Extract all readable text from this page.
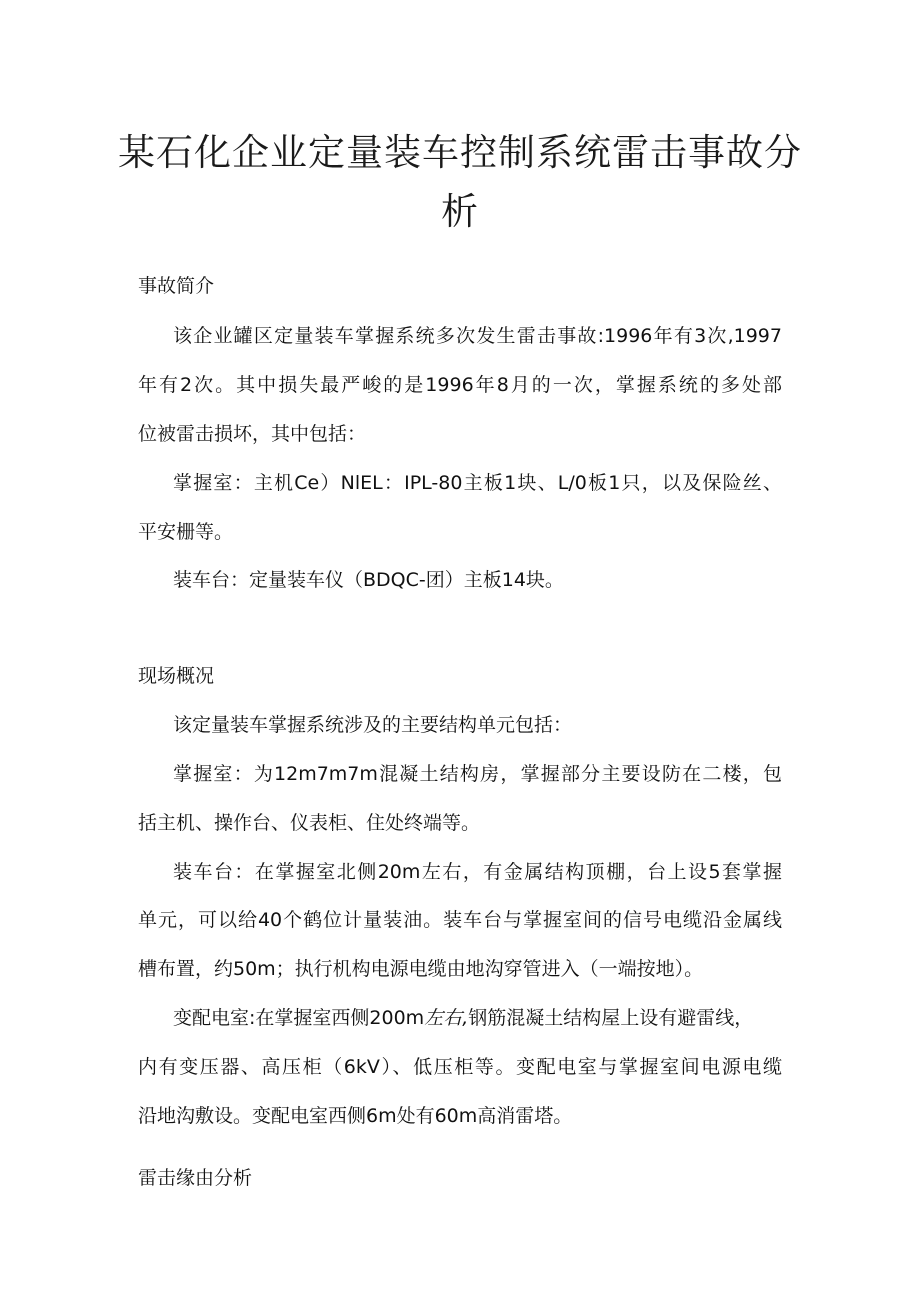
某石化企业定量装车控制系统雷击事故分
析
事故简介
该企业罐区定量装车掌握系统多次发生雷击事故:1996年有3次,1997
年有2次。其中损失最严峻的是1996年8月的一次，掌握系统的多处部
位被雷击损坏，其中包括：
掌握室：主机Ce）NlEL：IPL-80主板1块、L/0板1只，以及保险丝、
平安栅等。
装车台：定量装车仪（BDQC-团）主板14块。
现场概况
该定量装车掌握系统涉及的主要结构单元包括：
掌握室：为12m7m7m混凝土结构房，掌握部分主要设防在二楼，包
括主机、操作台、仪表柜、住处终端等。
装车台：在掌握室北侧20m左右，有金属结构顶棚，台上设5套掌握
单元，可以给40个鹤位计量装油。装车台与掌握室间的信号电缆沿金属线
槽布置，约50m；执行机构电源电缆由地沟穿管进入（一端按地）。
变配电室:在掌握室西侧200m左右,钢筋混凝土结构屋上设有避雷线，
内有变压器、高压柜（6kV）、低压柜等。变配电室与掌握室间电源电缆
沿地沟敷设。变配电室西侧6m处有60m高消雷塔。
雷击缘由分析
